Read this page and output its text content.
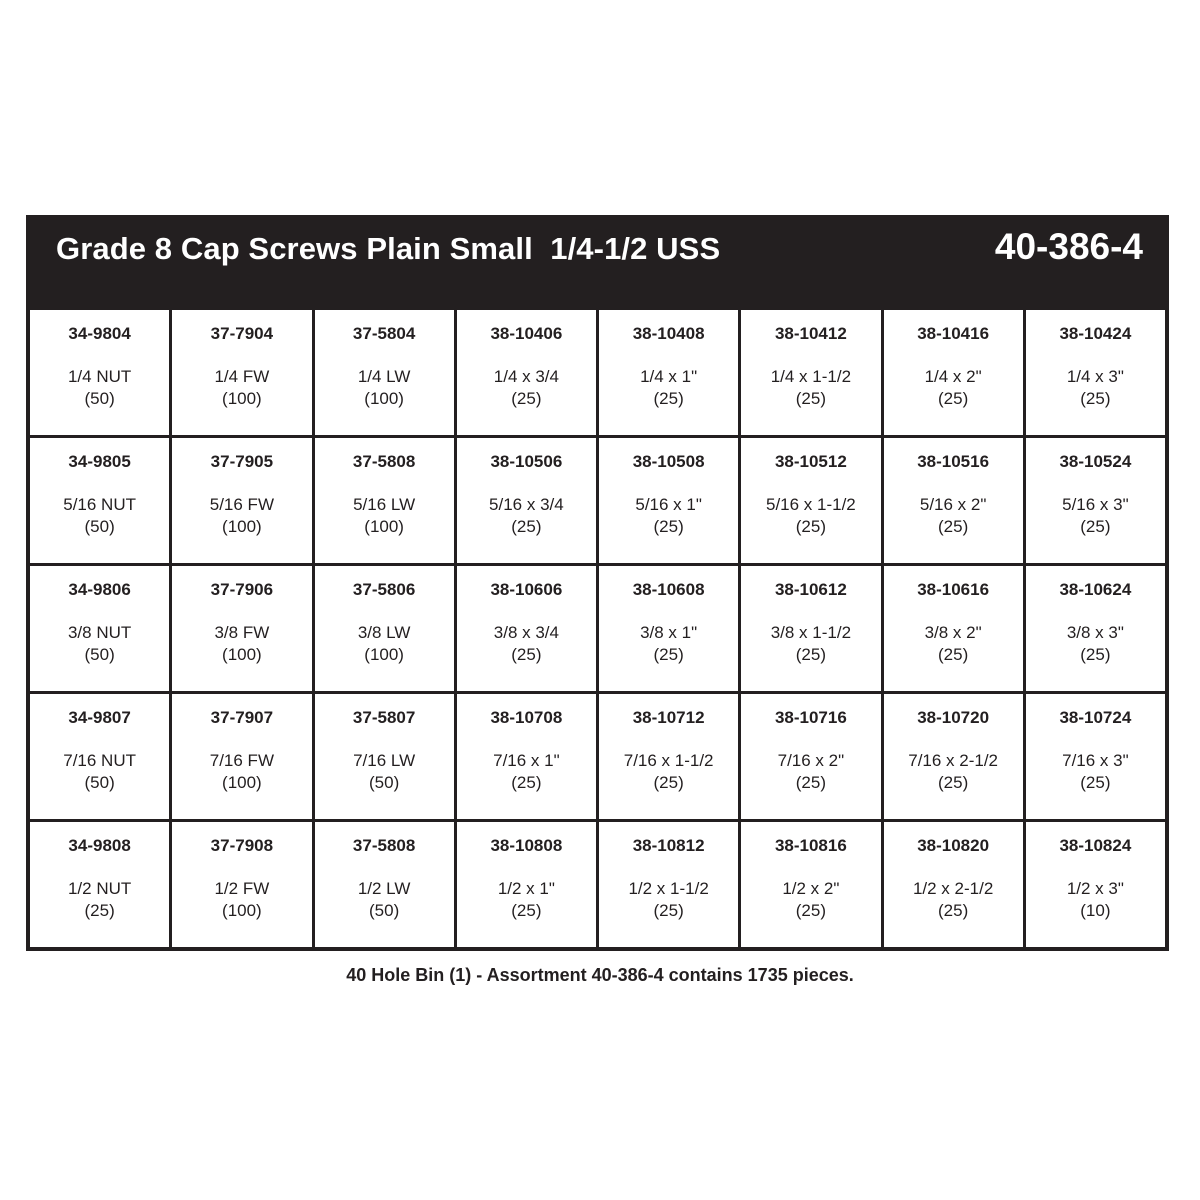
Grade 8 Cap Screws Plain Small  1/4-1/2 USS	40-386-4
34-9804
1/4 NUT
(50)
37-7904
1/4 FW
(100)
37-5804
1/4 LW
(100)
38-10406
1/4 x 3/4
(25)
38-10408
1/4 x 1"
(25)
38-10412
1/4 x 1-1/2
(25)
38-10416
1/4 x 2"
(25)
38-10424
1/4 x 3"
(25)
34-9805
5/16 NUT
(50)
37-7905
5/16 FW
(100)
37-5808
5/16 LW
(100)
38-10506
5/16 x 3/4
(25)
38-10508
5/16 x 1"
(25)
38-10512
5/16 x 1-1/2
(25)
38-10516
5/16 x 2"
(25)
38-10524
5/16 x 3"
(25)
34-9806
3/8 NUT
(50)
37-7906
3/8 FW
(100)
37-5806
3/8 LW
(100)
38-10606
3/8 x 3/4
(25)
38-10608
3/8 x 1"
(25)
38-10612
3/8 x 1-1/2
(25)
38-10616
3/8 x 2"
(25)
38-10624
3/8 x 3"
(25)
34-9807
7/16 NUT
(50)
37-7907
7/16 FW
(100)
37-5807
7/16 LW
(50)
38-10708
7/16 x 1"
(25)
38-10712
7/16 x 1-1/2
(25)
38-10716
7/16 x 2"
(25)
38-10720
7/16 x 2-1/2
(25)
38-10724
7/16 x 3"
(25)
34-9808
1/2 NUT
(25)
37-7908
1/2 FW
(100)
37-5808
1/2 LW
(50)
38-10808
1/2 x 1"
(25)
38-10812
1/2 x 1-1/2
(25)
38-10816
1/2 x 2"
(25)
38-10820
1/2 x 2-1/2
(25)
38-10824
1/2 x 3"
(10)
40 Hole Bin (1) - Assortment 40-386-4 contains 1735 pieces.
